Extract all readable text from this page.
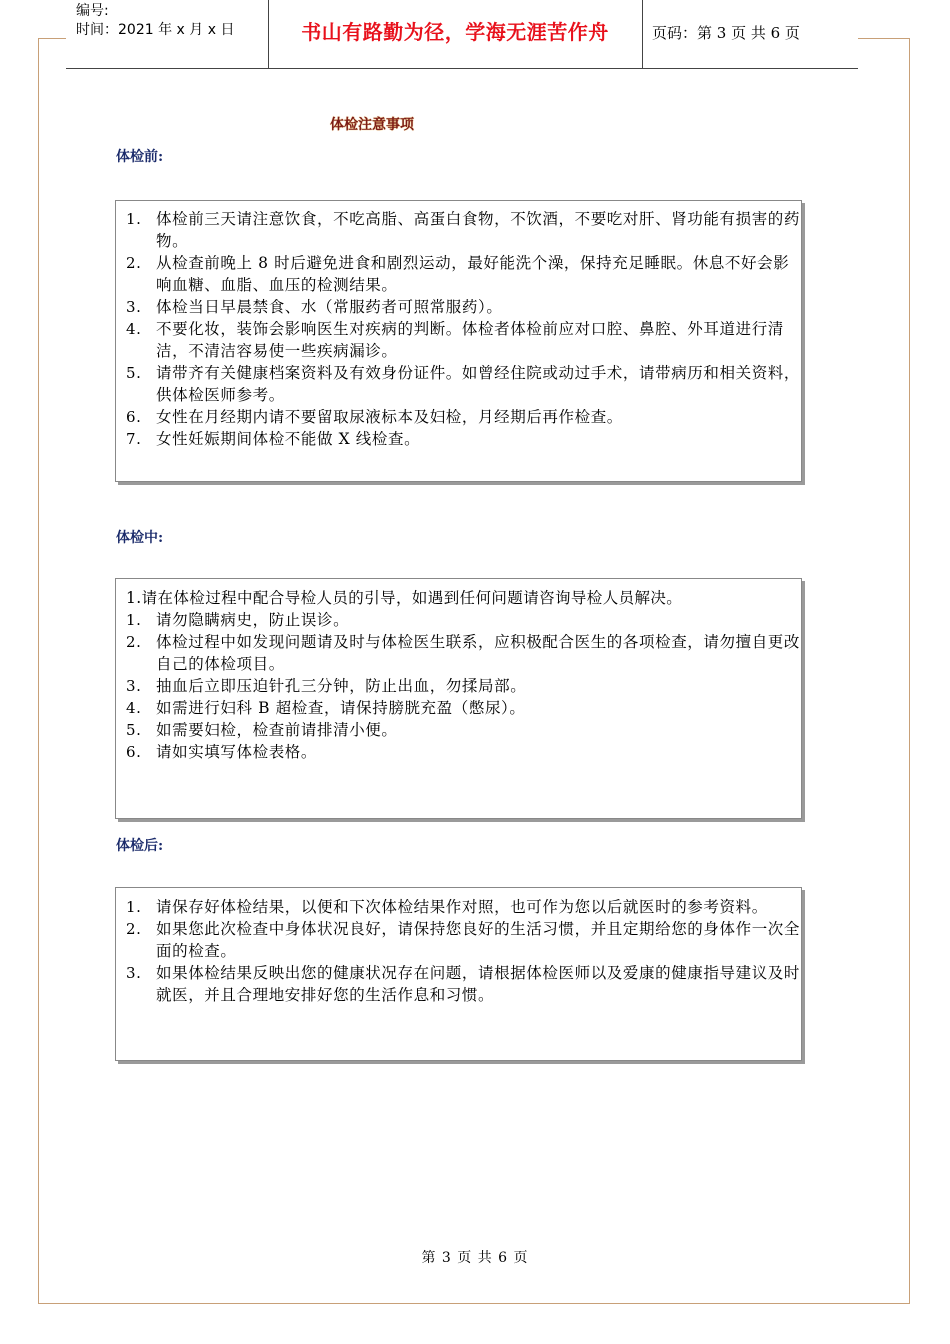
编号:
时间：2021 年 x 月 x 日	书山有路勤为径，学海无涯苦作舟	页码：第 3 页 共 6 页
体检注意事项
体检前:
1. 体检前三天请注意饮食，不吃高脂、高蛋白食物，不饮酒，不要吃对肝、肾功能有损害的药物。
2. 从检查前晚上 8 时后避免进食和剧烈运动，最好能洗个澡，保持充足睡眠。休息不好会影响血糖、血脂、血压的检测结果。
3. 体检当日早晨禁食、水（常服药者可照常服药）。
4. 不要化妆，装饰会影响医生对疾病的判断。体检者体检前应对口腔、鼻腔、外耳道进行清洁，不清洁容易使一些疾病漏诊。
5. 请带齐有关健康档案资料及有效身份证件。如曾经住院或动过手术，请带病历和相关资料，供体检医师参考。
6. 女性在月经期内请不要留取尿液标本及妇检，月经期后再作检查。
7. 女性妊娠期间体检不能做 X 线检查。
体检中:
1.请在体检过程中配合导检人员的引导，如遇到任何问题请咨询导检人员解决。
1. 请勿隐瞒病史，防止误诊。
2. 体检过程中如发现问题请及时与体检医生联系，应积极配合医生的各项检查，请勿擅自更改自己的体检项目。
3. 抽血后立即压迫针孔三分钟，防止出血，勿揉局部。
4. 如需进行妇科 B 超检查，请保持膀胱充盈（憋尿）。
5. 如需要妇检，检查前请排清小便。
6. 请如实填写体检表格。
体检后:
1. 请保存好体检结果，以便和下次体检结果作对照，也可作为您以后就医时的参考资料。
2. 如果您此次检查中身体状况良好，请保持您良好的生活习惯，并且定期给您的身体作一次全面的检查。
3. 如果体检结果反映出您的健康状况存在问题，请根据体检医师以及爱康的健康指导建议及时就医，并且合理地安排好您的生活作息和习惯。
第 3 页 共 6 页
